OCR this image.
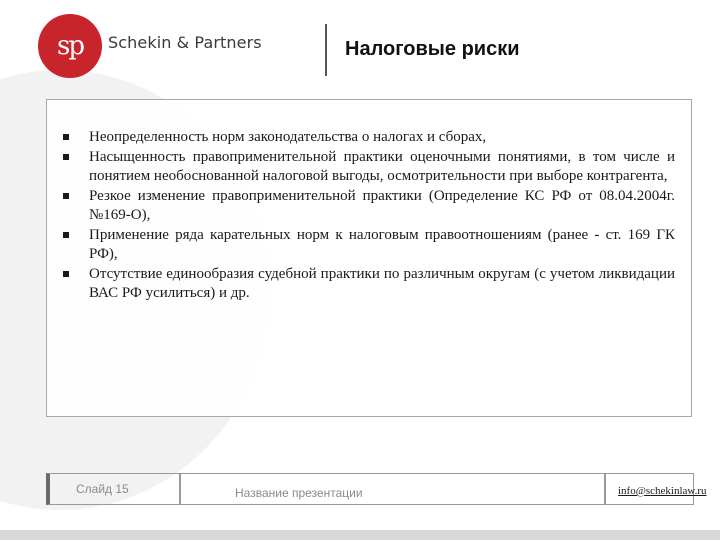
sp Schekin & Partners	Налоговые риски
Неопределенность норм законодательства о налогах и сборах,
Насыщенность правоприменительной практики оценочными понятиями, в том числе и понятием необоснованной налоговой выгоды, осмотрительности при выборе контрагента,
Резкое изменение правоприменительной практики (Определение КС РФ от 08.04.2004г. №169-О),
Применение ряда карательных норм к налоговым правоотношениям (ранее - ст. 169 ГК РФ),
Отсутствие единообразия судебной практики по различным округам (с учетом ликвидации ВАС РФ усилиться) и др.
Слайд 15	Название презентации	info@schekinlaw.ru
